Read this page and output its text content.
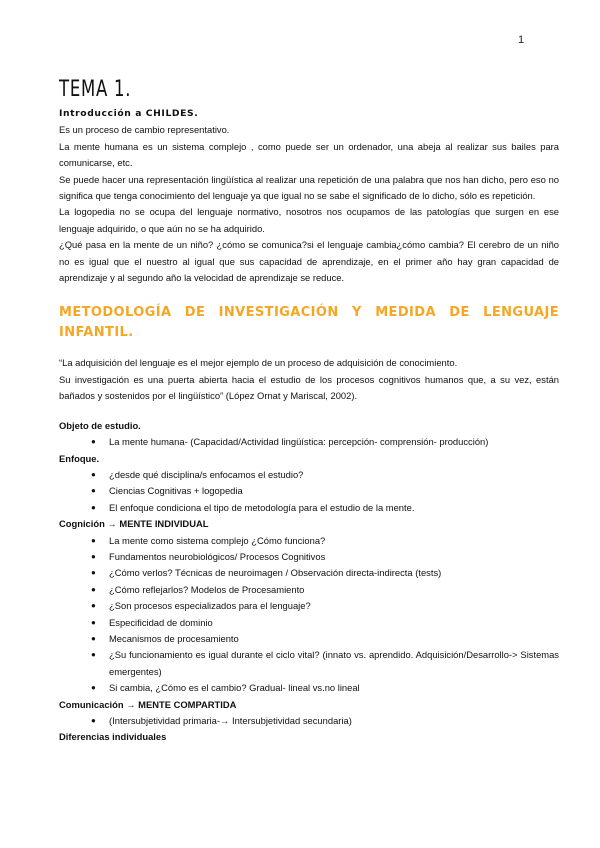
1
TEMA 1.

Introducción a CHILDES.

Es un proceso de cambio representativo.

La mente humana es un sistema complejo , como puede ser un ordenador, una abeja al realizar sus bailes para comunicarse, etc.

Se puede hacer una representación lingüística al realizar una repetición de una palabra que nos han dicho, pero eso no significa que tenga conocimiento del lenguaje ya que igual no se sabe el significado de lo dicho, sólo es repetición.

La logopedia no se ocupa del lenguaje normativo, nosotros nos ocupamos de las patologías que surgen en ese lenguaje adquirido, o que aún no se ha adquirido.

¿Qué pasa en la mente de un niño? ¿cómo se comunica?si el lenguaje cambia¿cómo cambia? El cerebro de un niño no es igual que el nuestro al igual que sus capacidad de aprendizaje, en el primer año hay gran capacidad de aprendizaje y al segundo año la velocidad de aprendizaje se reduce.

METODOLOGÍA DE INVESTIGACIÓN Y MEDIDA DE LENGUAJE INFANTIL.

“La adquisición del lenguaje es el mejor ejemplo de un proceso de adquisición de conocimiento.

Su investigación es una puerta abierta hacia el estudio de los procesos cognitivos humanos que, a su vez, están bañados y sostenidos por el lingüístico” (López Ornat y Mariscal, 2002).

Objeto de estudio.
● La mente humana- (Capacidad/Actividad lingüística: percepción- comprensión- producción)
Enfoque.
● ¿desde qué disciplina/s enfocamos el estudio?
● Ciencias Cognitivas + logopedia
● El enfoque condiciona el tipo de metodología para el estudio de la mente.
Cognición → MENTE INDIVIDUAL
● La mente como sistema complejo ¿Cómo funciona?
● Fundamentos neurobiológicos/ Procesos Cognitivos
● ¿Cómo verlos? Técnicas de neuroimagen / Observación directa-indirecta (tests)
● ¿Cómo reflejarlos? Modelos de Procesamiento
● ¿Son procesos especializados para el lenguaje?
● Especificidad de dominio
● Mecanismos de procesamiento
● ¿Su funcionamiento es igual durante el ciclo vital? (innato vs. aprendido. Adquisición/Desarrollo-> Sistemas emergentes)
● Si cambia, ¿Cómo es el cambio? Gradual- lineal vs.no lineal
Comunicación → MENTE COMPARTIDA
● (Intersubjetividad primaria-→ Intersubjetividad secundaria)
Diferencias individuales
